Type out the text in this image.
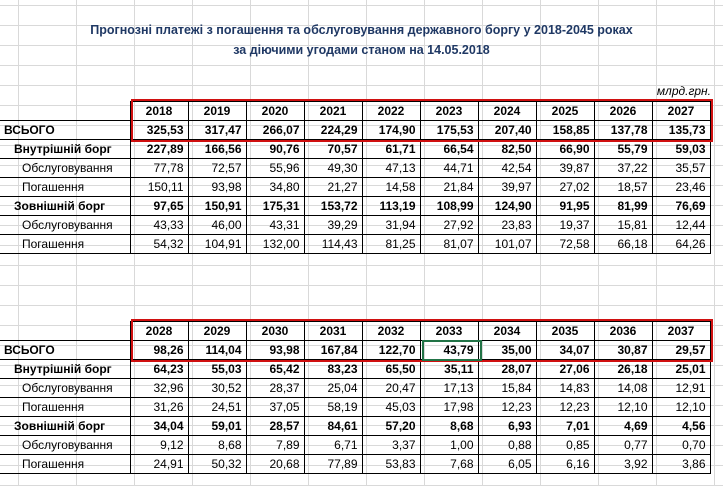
Прогнозні платежі з погашення та обслуговування державного боргу у 2018-2045 роках
за діючими угодами станом на 14.05.2018
млрд.грн.
	2018	2019	2020	2021	2022	2023	2024	2025	2026	2027
ВСЬОГО	325,53	317,47	266,07	224,29	174,90	175,53	207,40	158,85	137,78	135,73
Внутрішній борг	227,89	166,56	90,76	70,57	61,71	66,54	82,50	66,90	55,79	59,03
Обслуговування	77,78	72,57	55,96	49,30	47,13	44,71	42,54	39,87	37,22	35,57
Погашення	150,11	93,98	34,80	21,27	14,58	21,84	39,97	27,02	18,57	23,46
Зовнішній борг	97,65	150,91	175,31	153,72	113,19	108,99	124,90	91,95	81,99	76,69
Обслуговування	43,33	46,00	43,31	39,29	31,94	27,92	23,83	19,37	15,81	12,44
Погашення	54,32	104,91	132,00	114,43	81,25	81,07	101,07	72,58	66,18	64,26
	2028	2029	2030	2031	2032	2033	2034	2035	2036	2037
ВСЬОГО	98,26	114,04	93,98	167,84	122,70	43,79	35,00	34,07	30,87	29,57
Внутрішній борг	64,23	55,03	65,42	83,23	65,50	35,11	28,07	27,06	26,18	25,01
Обслуговування	32,96	30,52	28,37	25,04	20,47	17,13	15,84	14,83	14,08	12,91
Погашення	31,26	24,51	37,05	58,19	45,03	17,98	12,23	12,23	12,10	12,10
Зовнішній борг	34,04	59,01	28,57	84,61	57,20	8,68	6,93	7,01	4,69	4,56
Обслуговування	9,12	8,68	7,89	6,71	3,37	1,00	0,88	0,85	0,77	0,70
Погашення	24,91	50,32	20,68	77,89	53,83	7,68	6,05	6,16	3,92	3,86
